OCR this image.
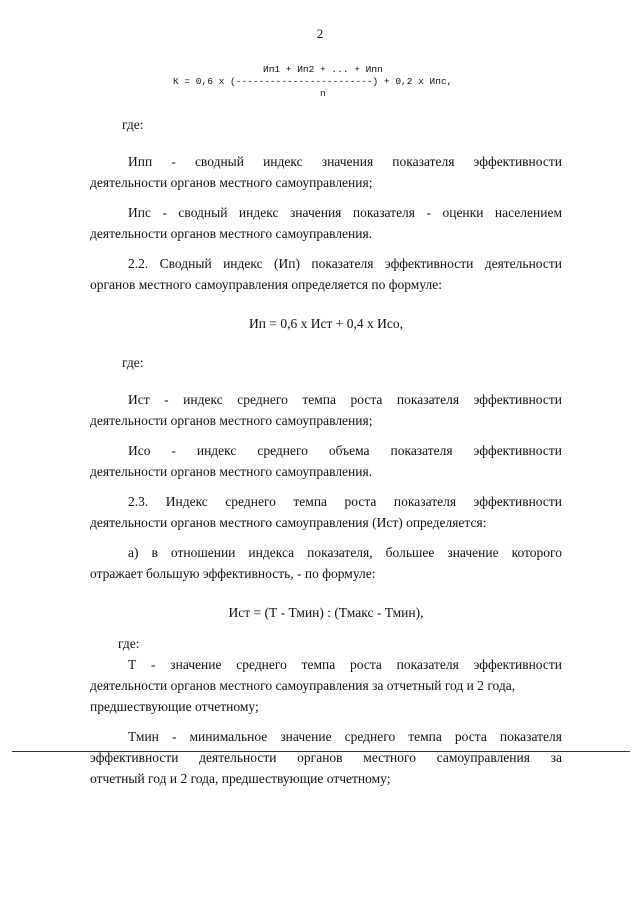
2

Ип1 + Ип2 + ... + Ипn

К = 0,6 х (------------------------) + 0,2 х Ипс,

n

где:

Ипп - сводный индекс значения показателя эффективности

деятельности органов местного самоуправления;

Ипс - сводный индекс значения показателя - оценки населением

деятельности органов местного самоуправления.

2.2. Сводный индекс (Ип) показателя эффективности деятельности

органов местного самоуправления определяется по формуле:

Ип = 0,6 х Ист + 0,4 х Исо,

где:

Ист - индекс среднего темпа роста показателя эффективности

деятельности органов местного самоуправления;

Исо - индекс среднего объема показателя эффективности

деятельности органов местного самоуправления.

2.3. Индекс среднего темпа роста показателя эффективности

деятельности органов местного самоуправления (Ист) определяется:

а) в отношении индекса показателя, большее значение которого

отражает большую эффективность, - по формуле:

Ист = (Т - Тмин) : (Тмакс - Тмин),

где:

Т - значение среднего темпа роста показателя эффективности

деятельности органов местного самоуправления за отчетный год и 2 года,

предшествующие отчетному;

Тмин - минимальное значение среднего темпа роста показателя

эффективности деятельности органов местного самоуправления за

отчетный год и 2 года, предшествующие отчетному;
